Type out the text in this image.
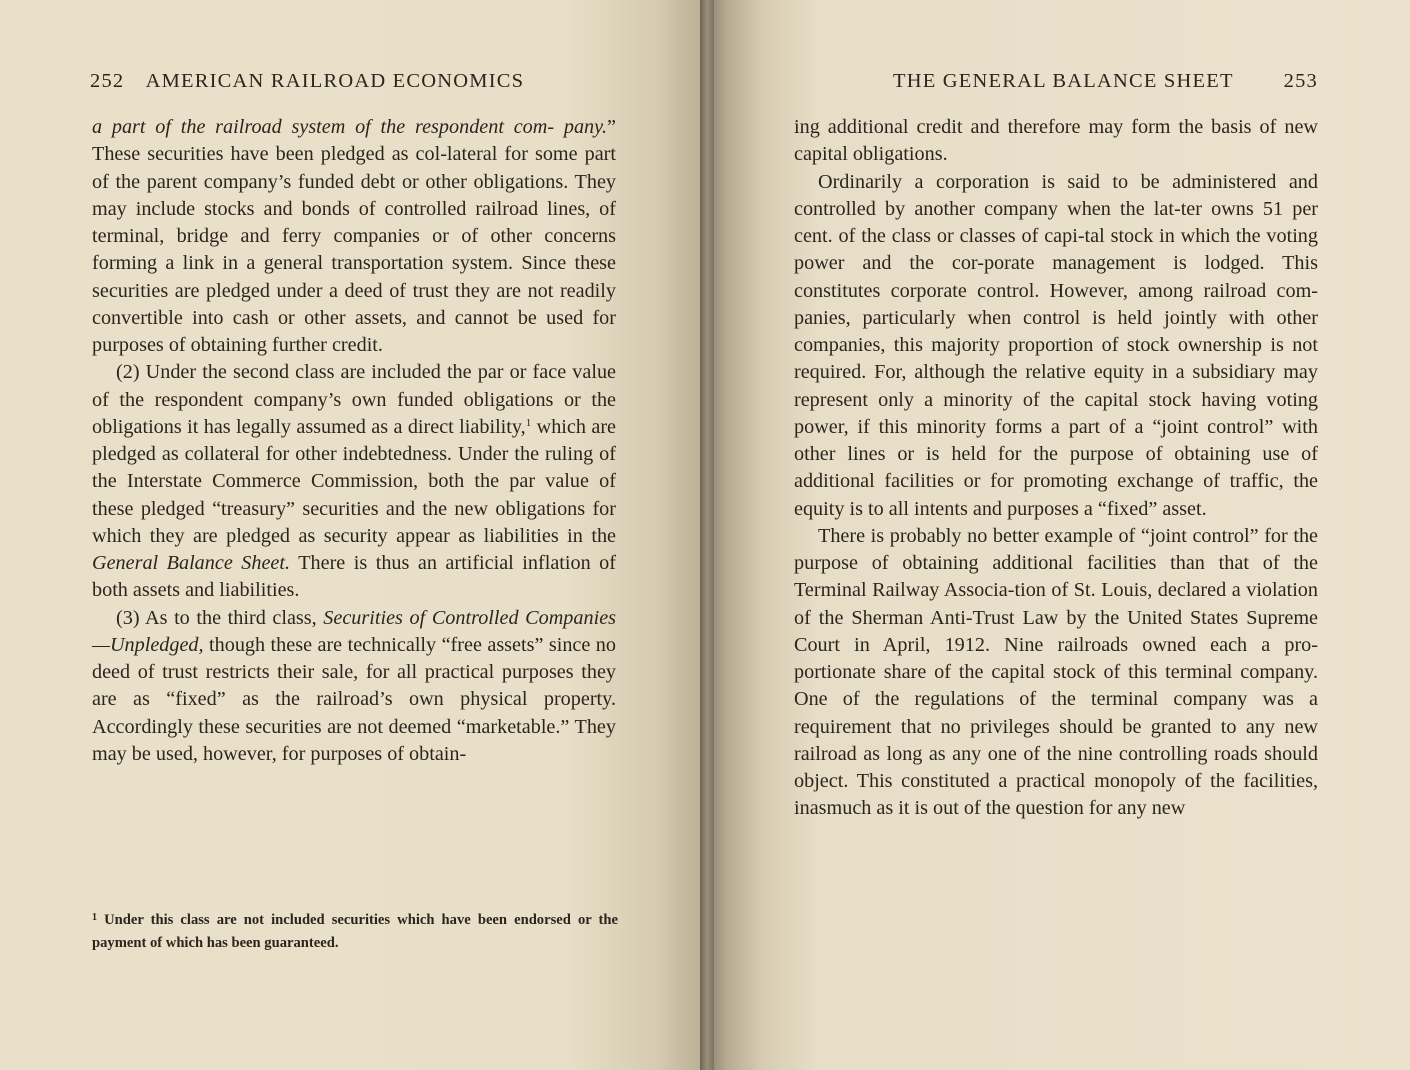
252 AMERICAN RAILROAD ECONOMICS

a part of the railroad system of the respondent com- pany.” These securities have been pledged as col-lateral for some part of the parent company’s funded debt or other obligations. They may include stocks and bonds of controlled railroad lines, of terminal, bridge and ferry companies or of other concerns forming a link in a general transportation system. Since these securities are pledged under a deed of trust they are not readily convertible into cash or other assets, and cannot be used for purposes of obtaining further credit.

(2) Under the second class are included the par or face value of the respondent company’s own funded obligations or the obligations it has legally assumed as a direct liability,$^1$ which are pledged as collateral for other indebtedness. Under the ruling of the Interstate Commerce Commission, both the par value of these pledged “treasury” securities and the new obligations for which they are pledged as security appear as liabilities in the General Balance Sheet. There is thus an artificial inflation of both assets and liabilities.

(3) As to the third class, Securities of Controlled Companies—Unpledged, though these are technically “free assets” since no deed of trust restricts their sale, for all practical purposes they are as “fixed” as the railroad’s own physical property. Accordingly these securities are not deemed “marketable.” They may be used, however, for purposes of obtain-

$^1$ Under this class are not included securities which have been endorsed or the payment of which has been guaranteed.
THE GENERAL BALANCE SHEET 253

ing additional credit and therefore may form the basis of new capital obligations.

Ordinarily a corporation is said to be administered and controlled by another company when the lat-ter owns 51 per cent. of the class or classes of capi-tal stock in which the voting power and the cor-porate management is lodged. This constitutes corporate control. However, among railroad com-panies, particularly when control is held jointly with other companies, this majority proportion of stock ownership is not required. For, although the relative equity in a subsidiary may represent only a minority of the capital stock having voting power, if this minority forms a part of a “joint control” with other lines or is held for the purpose of obtaining use of additional facilities or for promoting exchange of traffic, the equity is to all intents and purposes a “fixed” asset.

There is probably no better example of “joint control” for the purpose of obtaining additional facilities than that of the Terminal Railway Associa-tion of St. Louis, declared a violation of the Sherman Anti-Trust Law by the United States Supreme Court in April, 1912. Nine railroads owned each a pro-portionate share of the capital stock of this terminal company. One of the regulations of the terminal company was a requirement that no privileges should be granted to any new railroad as long as any one of the nine controlling roads should object. This constituted a practical monopoly of the facilities, inasmuch as it is out of the question for any new
